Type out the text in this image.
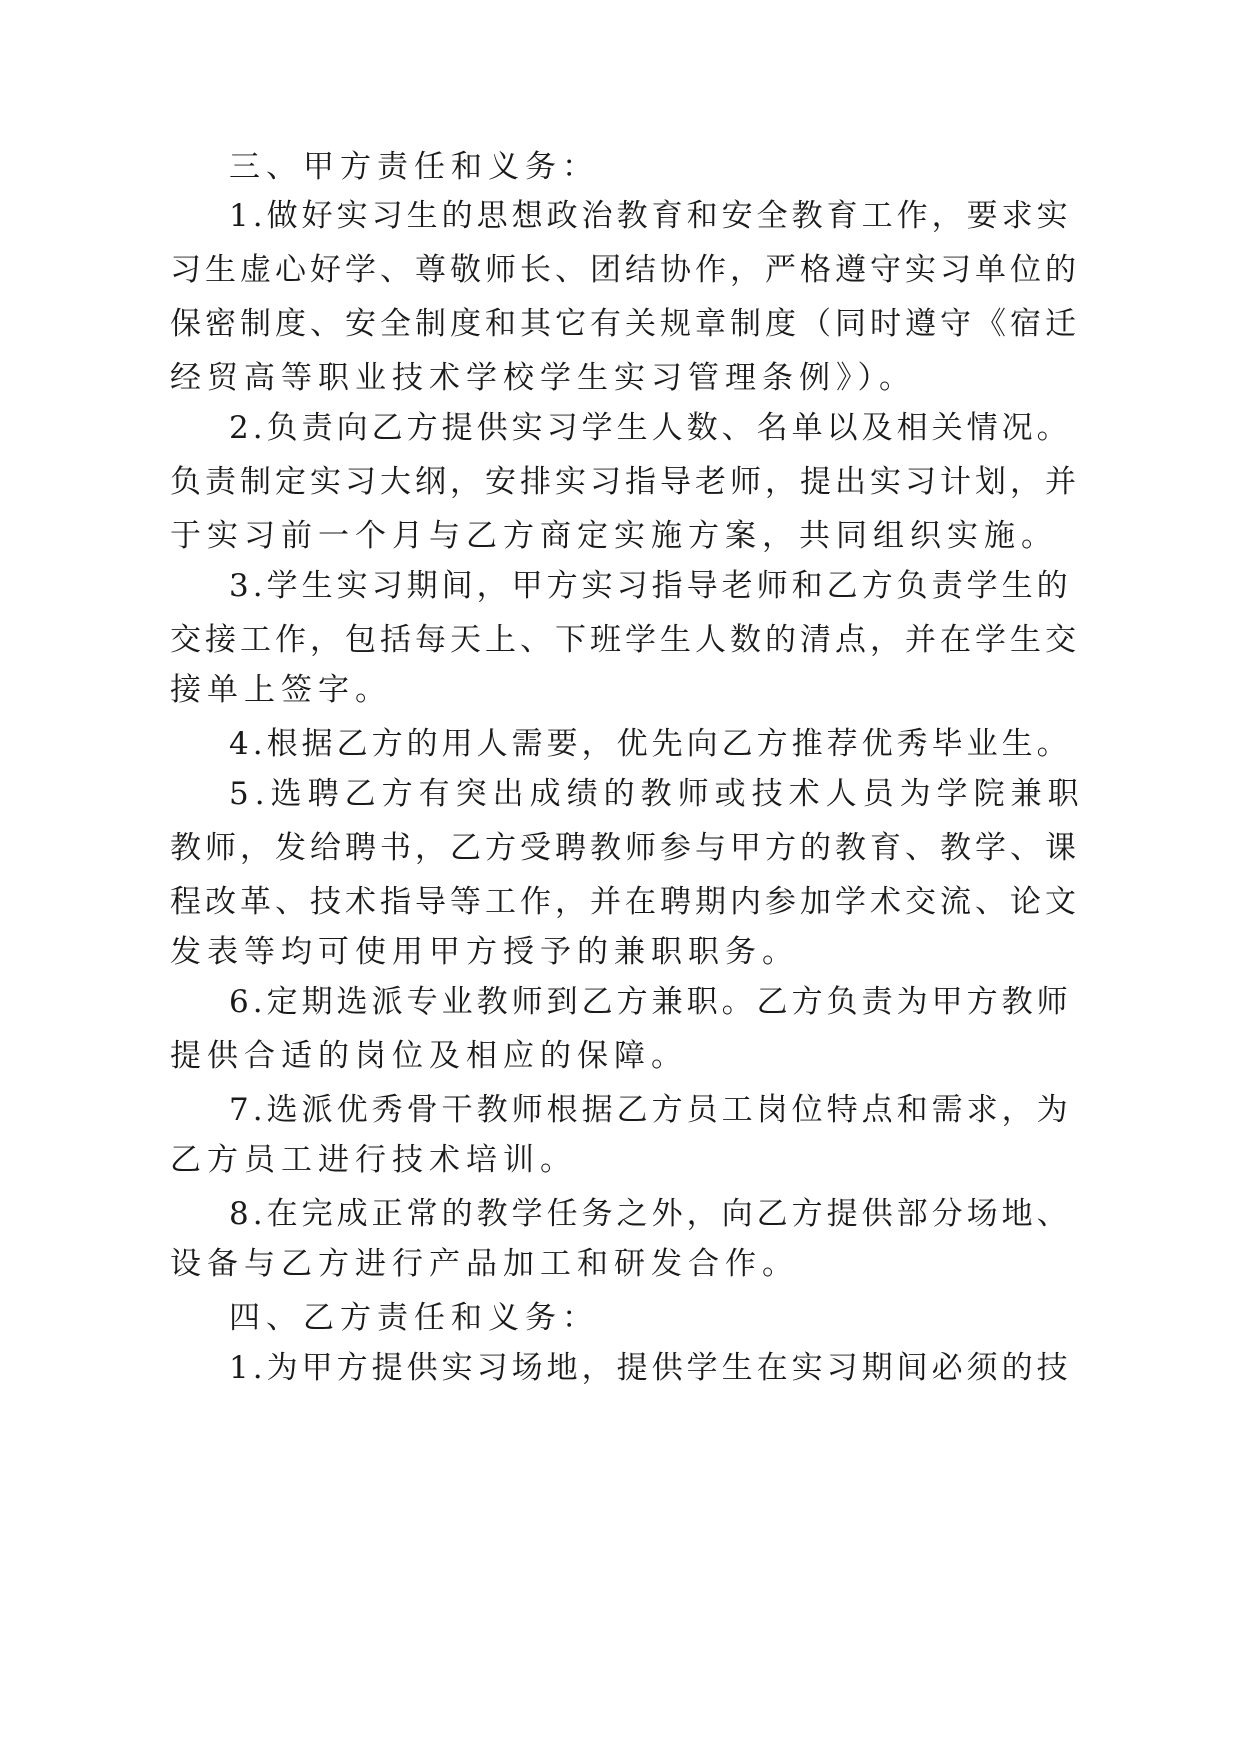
三、甲方责任和义务：
1.做好实习生的思想政治教育和安全教育工作，要求实
习生虚心好学、尊敬师长、团结协作，严格遵守实习单位的
保密制度、安全制度和其它有关规章制度（同时遵守《宿迁
经贸高等职业技术学校学生实习管理条例》）。
2.负责向乙方提供实习学生人数、名单以及相关情况。
负责制定实习大纲，安排实习指导老师，提出实习计划，并
于实习前一个月与乙方商定实施方案，共同组织实施。
3.学生实习期间，甲方实习指导老师和乙方负责学生的
交接工作，包括每天上、下班学生人数的清点，并在学生交
接单上签字。
4.根据乙方的用人需要，优先向乙方推荐优秀毕业生。
5.选聘乙方有突出成绩的教师或技术人员为学院兼职
教师，发给聘书，乙方受聘教师参与甲方的教育、教学、课
程改革、技术指导等工作，并在聘期内参加学术交流、论文
发表等均可使用甲方授予的兼职职务。
6.定期选派专业教师到乙方兼职。乙方负责为甲方教师
提供合适的岗位及相应的保障。
7.选派优秀骨干教师根据乙方员工岗位特点和需求，为
乙方员工进行技术培训。
8.在完成正常的教学任务之外，向乙方提供部分场地、
设备与乙方进行产品加工和研发合作。
四、乙方责任和义务：
1.为甲方提供实习场地，提供学生在实习期间必须的技
